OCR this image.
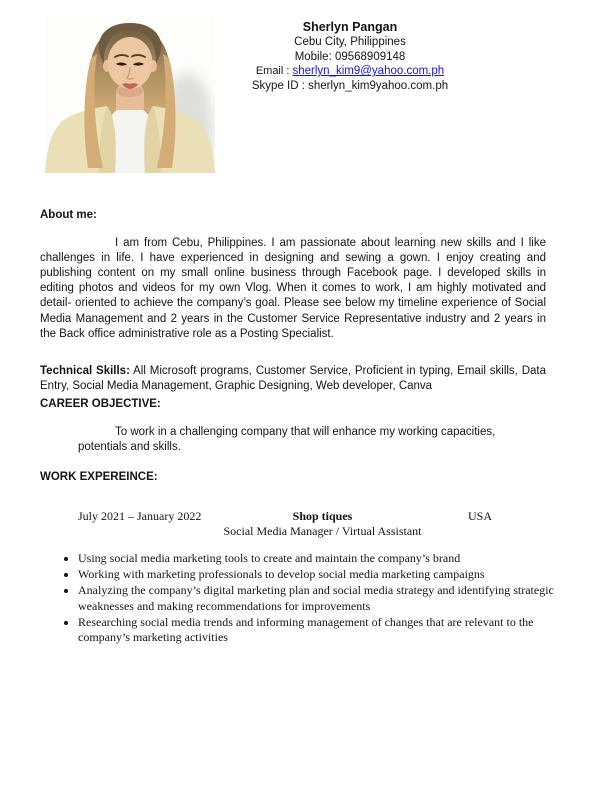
Sherlyn Pangan
Cebu City, Philippines
Mobile: 09568909148
Email : sherlyn_kim9@yahoo.com.ph
Skype ID : sherlyn_kim9yahoo.com.ph
About me:

I am from Cebu, Philippines. I am passionate about learning new skills and I like challenges in life. I have experienced in designing and sewing a gown. I enjoy creating and publishing content on my small online business through Facebook page. I developed skills in editing photos and videos for my own Vlog. When it comes to work, I am highly motivated and detail- oriented to achieve the company’s goal. Please see below my timeline experience of Social Media Management and 2 years in the Customer Service Representative industry and 2 years in the Back office administrative role as a Posting Specialist.

Technical Skills: All Microsoft programs, Customer Service, Proficient in typing, Email skills, Data Entry, Social Media Management, Graphic Designing, Web developer, Canva

CAREER OBJECTIVE:

To work in a challenging company that will enhance my working capacities, potentials and skills.

WORK EXPEREINCE:
July 2021 – January 2022	Shop tiques	USA
Social Media Manager / Virtual Assistant
• Using social media marketing tools to create and maintain the company’s brand
• Working with marketing professionals to develop social media marketing campaigns
• Analyzing the company’s digital marketing plan and social media strategy and identifying strategic weaknesses and making recommendations for improvements
• Researching social media trends and informing management of changes that are relevant to the company’s marketing activities
